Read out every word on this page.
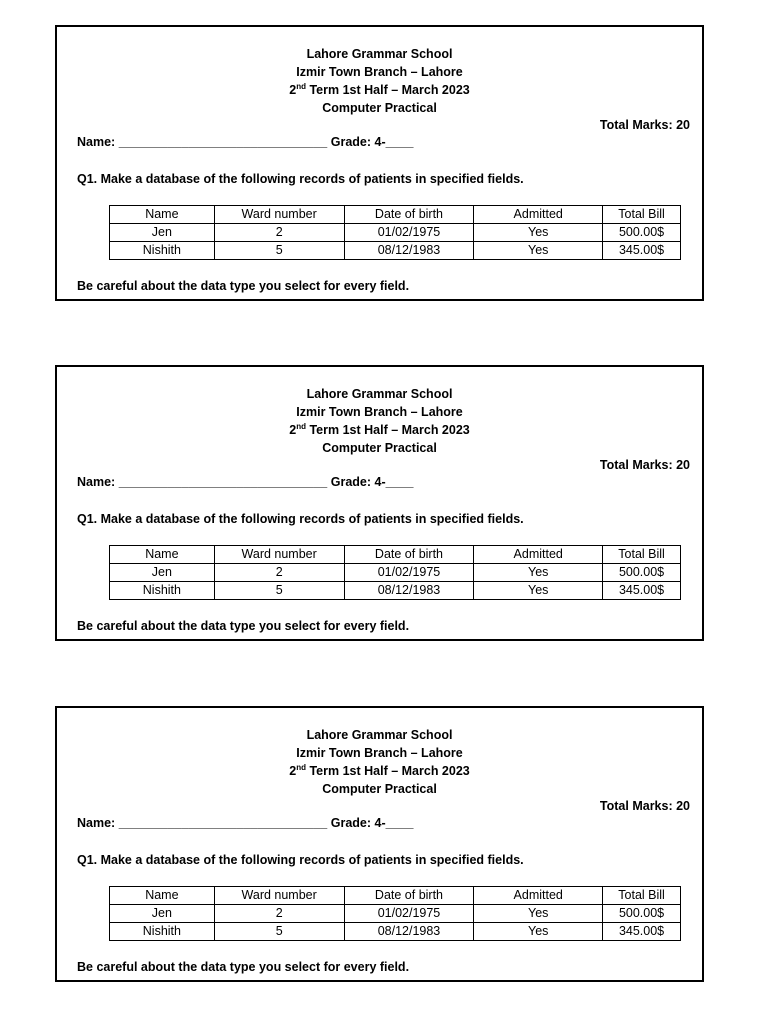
Lahore Grammar School
Izmir Town Branch – Lahore
2nd Term 1st Half – March 2023
Computer Practical
Total Marks: 20
Name: ______________________________ Grade: 4-____
Q1. Make a database of the following records of patients in specified fields.
Name	Ward number	Date of birth	Admitted	Total Bill
Jen	2	01/02/1975	Yes	500.00$
Nishith	5	08/12/1983	Yes	345.00$
Be careful about the data type you select for every field.
Lahore Grammar School
Izmir Town Branch – Lahore
2nd Term 1st Half – March 2023
Computer Practical
Total Marks: 20
Name: ______________________________ Grade: 4-____
Q1. Make a database of the following records of patients in specified fields.
Name	Ward number	Date of birth	Admitted	Total Bill
Jen	2	01/02/1975	Yes	500.00$
Nishith	5	08/12/1983	Yes	345.00$
Be careful about the data type you select for every field.
Lahore Grammar School
Izmir Town Branch – Lahore
2nd Term 1st Half – March 2023
Computer Practical
Total Marks: 20
Name: ______________________________ Grade: 4-____
Q1. Make a database of the following records of patients in specified fields.
Name	Ward number	Date of birth	Admitted	Total Bill
Jen	2	01/02/1975	Yes	500.00$
Nishith	5	08/12/1983	Yes	345.00$
Be careful about the data type you select for every field.
